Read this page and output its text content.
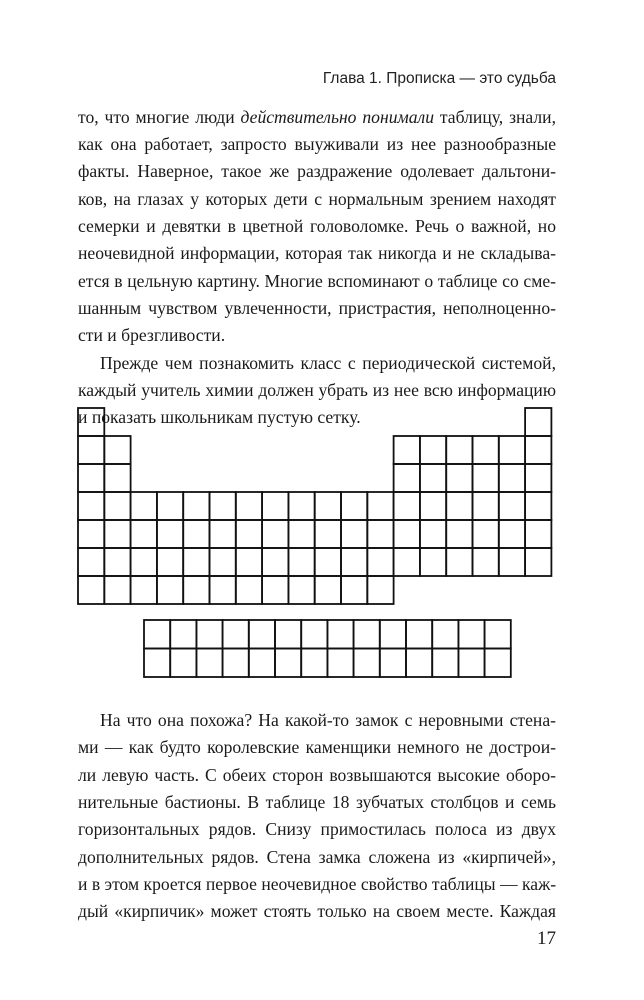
Глава 1. Прописка — это судьба
то, что многие люди действительно понимали таблицу, знали,
как она работает, запросто выуживали из нее разнообразные
факты. Наверное, такое же раздражение одолевает дальтони-
ков, на глазах у которых дети с нормальным зрением находят
семерки и девятки в цветной головоломке. Речь о важной, но
неочевидной информации, которая так никогда и не складыва-
ется в цельную картину. Многие вспоминают о таблице со сме-
шанным чувством увлеченности, пристрастия, неполноценно-
сти и брезгливости.
Прежде чем познакомить класс с периодической системой,
каждый учитель химии должен убрать из нее всю информацию
и показать школьникам пустую сетку.
На что она похожа? На какой-то замок с неровными стена-
ми — как будто королевские каменщики немного не дострои-
ли левую часть. С обеих сторон возвышаются высокие оборо-
нительные бастионы. В таблице 18 зубчатых столбцов и семь
горизонтальных рядов. Снизу примостилась полоса из двух
дополнительных рядов. Стена замка сложена из «кирпичей»,
и в этом кроется первое неочевидное свойство таблицы — каж-
дый «кирпичик» может стоять только на своем месте. Каждая
17
